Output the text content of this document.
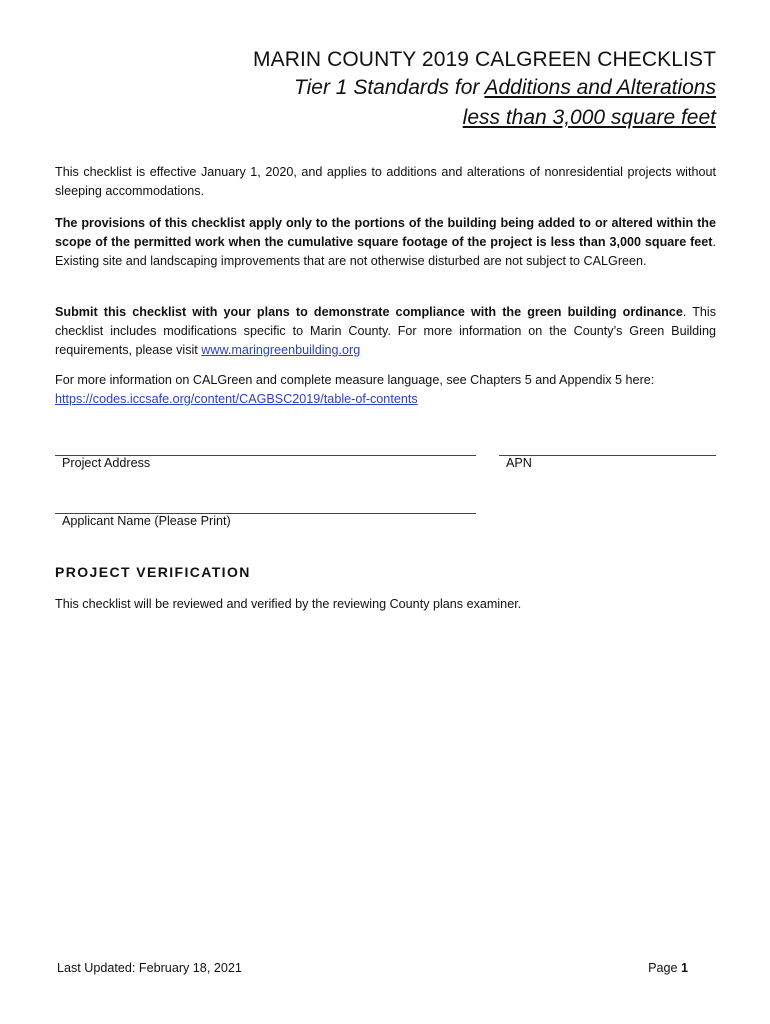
MARIN COUNTY 2019 CALGREEN CHECKLIST
Tier 1 Standards for Additions and Alterations
less than 3,000 square feet
This checklist is effective January 1, 2020, and applies to additions and alterations of nonresidential projects without sleeping accommodations.
The provisions of this checklist apply only to the portions of the building being added to or altered within the scope of the permitted work when the cumulative square footage of the project is less than 3,000 square feet. Existing site and landscaping improvements that are not otherwise disturbed are not subject to CALGreen.
Submit this checklist with your plans to demonstrate compliance with the green building ordinance. This checklist includes modifications specific to Marin County. For more information on the County’s Green Building requirements, please visit www.maringreenbuilding.org
For more information on CALGreen and complete measure language, see Chapters 5 and Appendix 5 here:
https://codes.iccsafe.org/content/CAGBSC2019/table-of-contents
Project Address	APN
Applicant Name (Please Print)
PROJECT VERIFICATION
This checklist will be reviewed and verified by the reviewing County plans examiner.
Last Updated: February 18, 2021	Page 1
